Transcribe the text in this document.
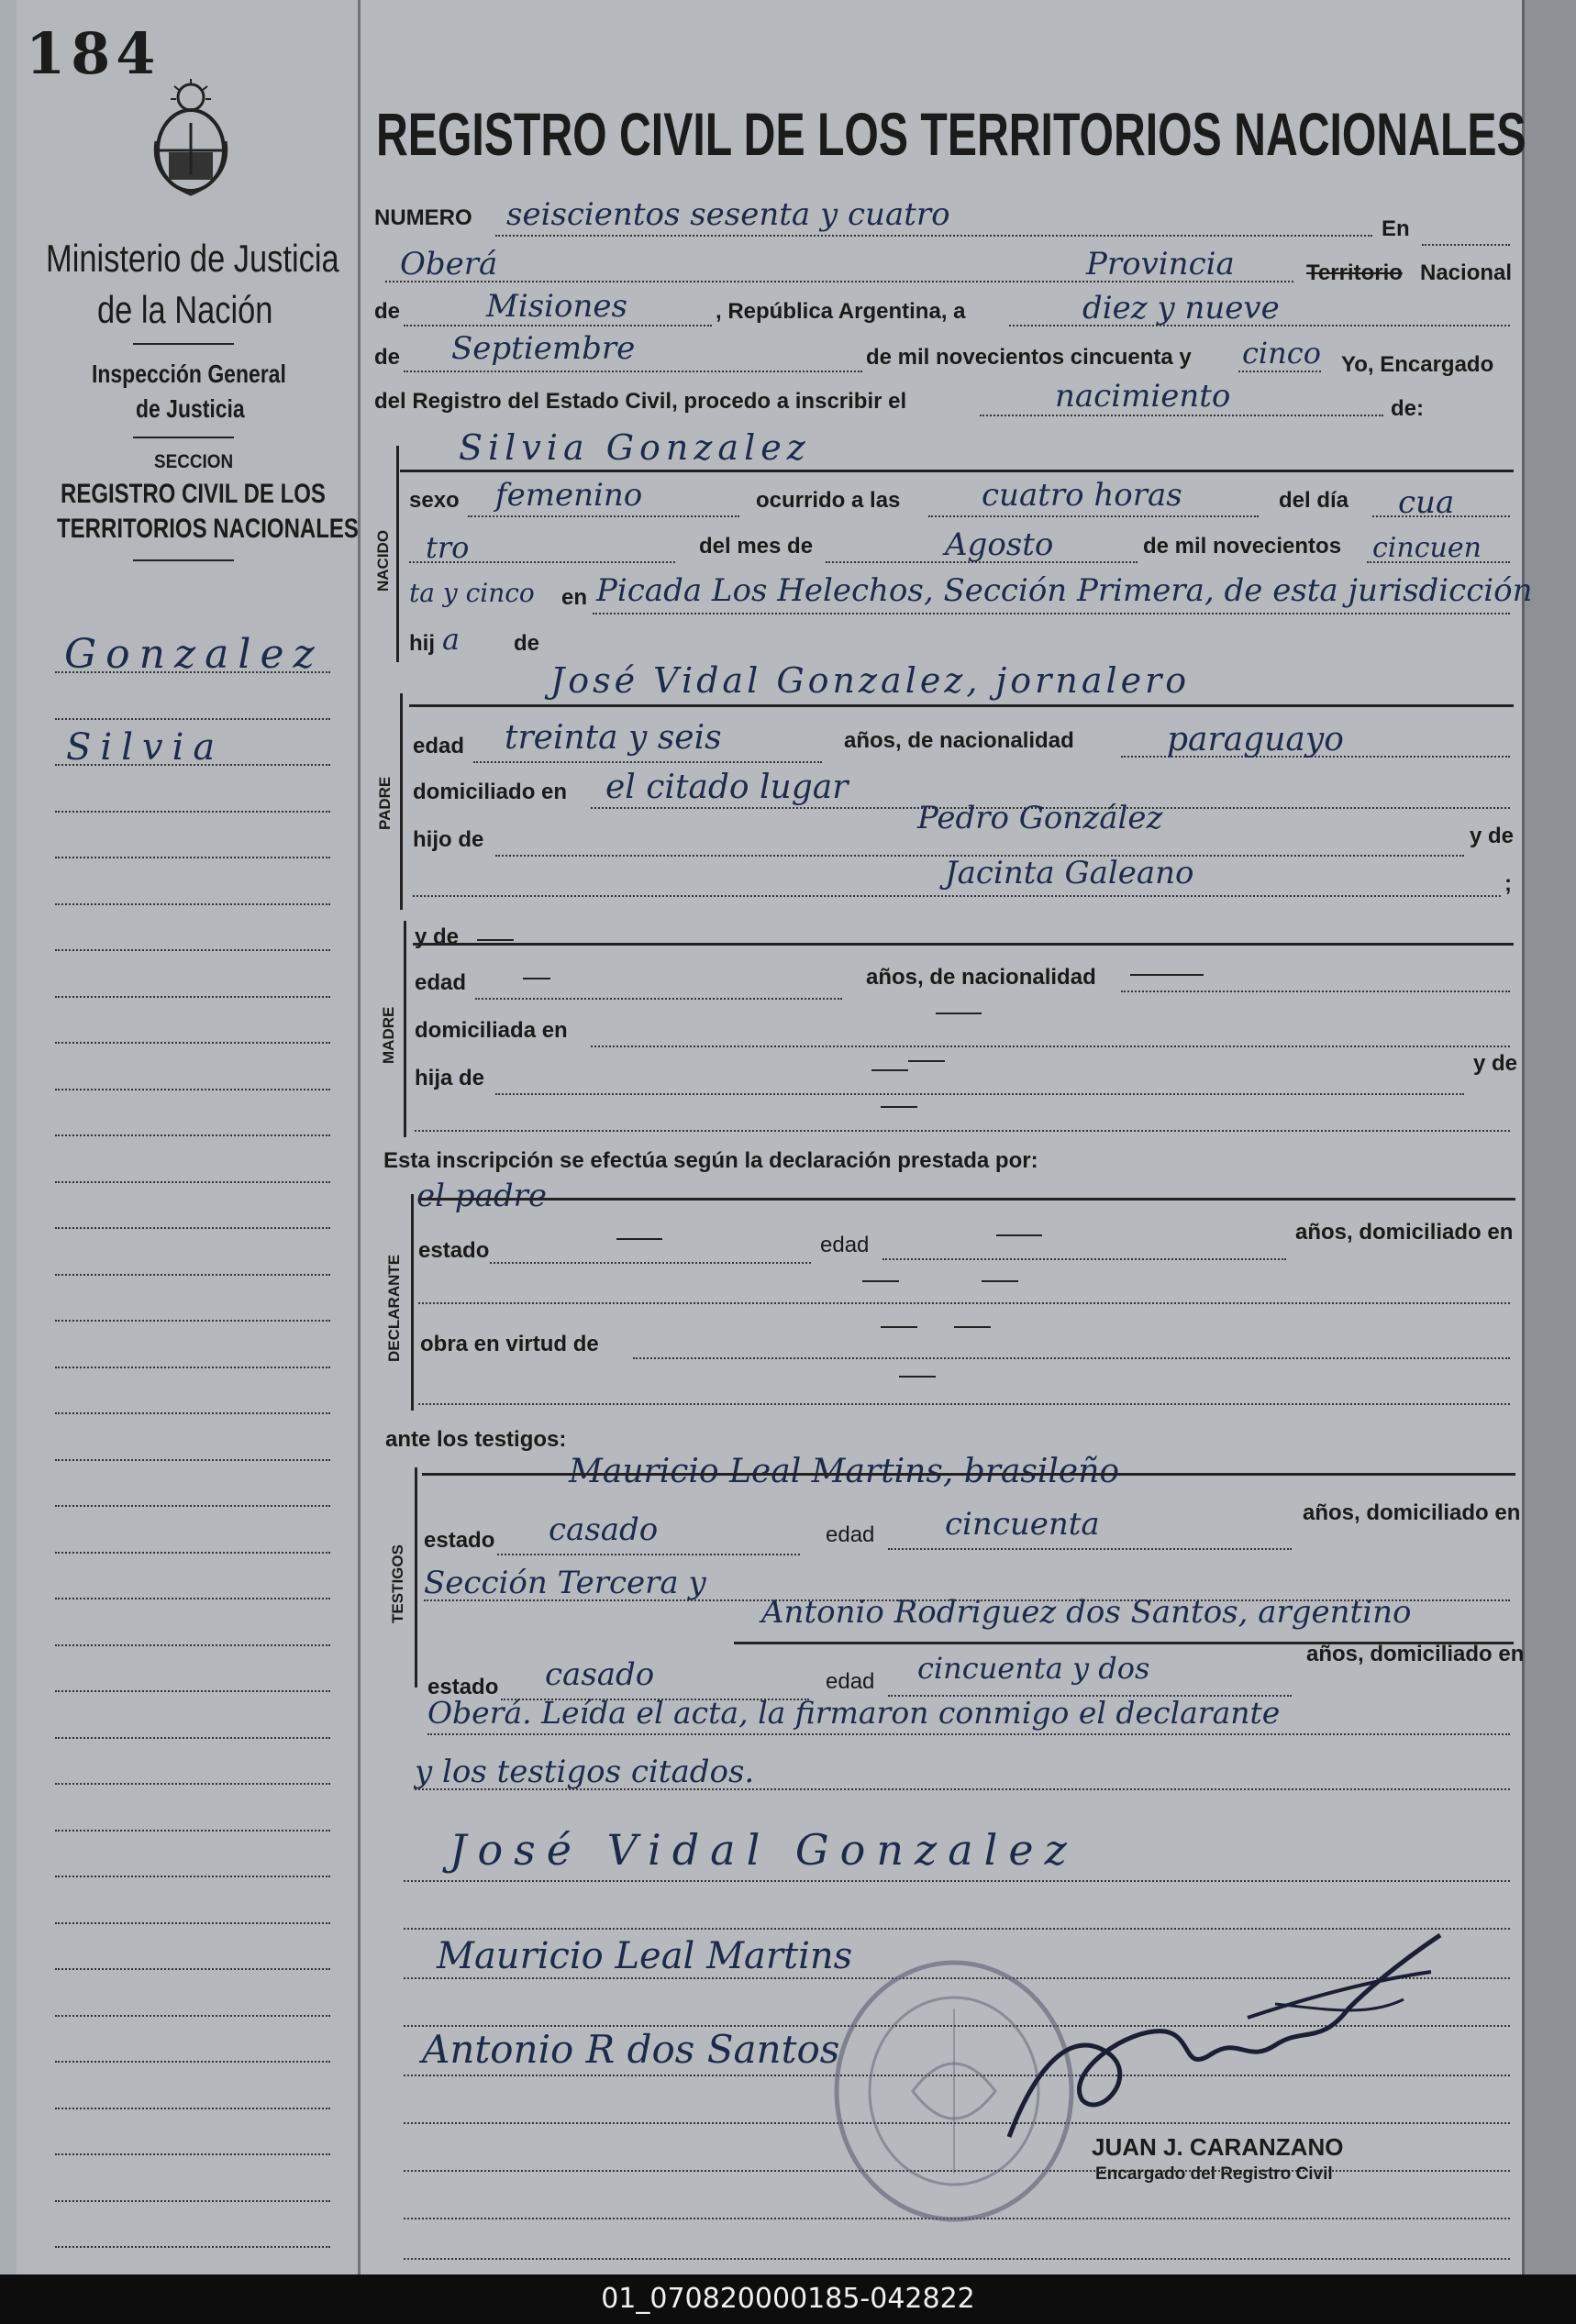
184
Ministerio de Justicia
de la Nación
Inspección General
de Justicia
SECCION
REGISTRO CIVIL DE LOS
TERRITORIOS NACIONALES
Gonzalez
Silvia
REGISTRO CIVIL DE LOS TERRITORIOS NACIONALES
NUMERO seiscientos sesenta y cuatro	En
Oberá	Provincia	Territorio Nacional
de	Misiones	, República Argentina, a	diez y nueve
de Septiembre	de mil novecientos cincuenta y cinco Yo, Encargado
del Registro del Estado Civil, procedo a inscribir el	nacimiento	de:
Silvia Gonzalez
NACIDO
sexo femenino	ocurrido a las	cuatro horas	del día cua
tro	del mes de	Agosto	de mil novecientos cincuen
ta y cinco en Picada Los Helechos, Sección Primera, de esta jurisdicción
hij a de
José Vidal Gonzalez, jornalero
PADRE
edad treinta y seis	años, de nacionalidad	paraguayo
domiciliado en el citado lugar
Pedro González
hijo de	y de
Jacinta Galeano	;
MADRE
y de
edad	años, de nacionalidad
domiciliada en
hija de
y de
Esta inscripción se efectúa según la declaración prestada por:
el padre
DECLARANTE
estado	edad
años, domiciliado en
obra en virtud de
ante los testigos:
Mauricio Leal Martins, brasileño
TESTIGOS
estado casado	edad cincuenta	años, domiciliado en
Sección Tercera y
Antonio Rodriguez dos Santos, argentino
estado casado	edad cincuenta y dos	años, domiciliado en
Oberá. Leída el acta, la firmaron conmigo el declarante
y los testigos citados.
José Vidal Gonzalez
Mauricio Leal Martins
Antonio R dos Santos
JUAN J. CARANZANO
Encargado del Registro Civil
01_070820000185-042822
